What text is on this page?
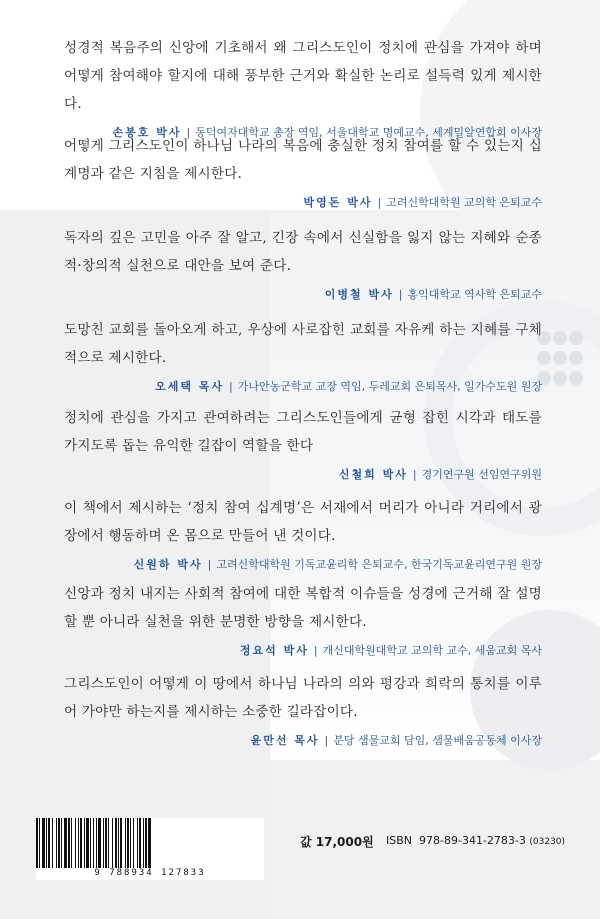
성경적 복음주의 신앙에 기초해서 왜 그리스도인이 정치에 관심을 가져야 하며 어떻게 참여해야 할지에 대해 풍부한 근거와 확실한 논리로 설득력 있게 제시한다.

손봉호 박사 | 동덕여자대학교 총장 역임, 서울대학교 명예교수, 세계밀알연합회 이사장

어떻게 그리스도인이 하나님 나라의 복음에 충실한 정치 참여를 할 수 있는지 십계명과 같은 지침을 제시한다.

박영돈 박사 | 고려신학대학원 교의학 은퇴교수

독자의 깊은 고민을 아주 잘 알고, 긴장 속에서 신실함을 잃지 않는 지혜와 순종적·창의적 실천으로 대안을 보여 준다.

이병철 박사 | 홍익대학교 역사학 은퇴교수

도망친 교회를 돌아오게 하고, 우상에 사로잡힌 교회를 자유케 하는 지혜를 구체적으로 제시한다.

오세택 목사 | 가나안농군학교 교장 역임, 두레교회 은퇴목사, 일가수도원 원장

정치에 관심을 가지고 관여하려는 그리스도인들에게 균형 잡힌 시각과 태도를 가지도록 돕는 유익한 길잡이 역할을 한다

신철희 박사 | 경기연구원 선임연구위원

이 책에서 제시하는 ‘정치 참여 십계명’은 서재에서 머리가 아니라 거리에서 광장에서 행동하며 온 몸으로 만들어 낸 것이다.

신원하 박사 | 고려신학대학원 기독교윤리학 은퇴교수, 한국기독교윤리연구원 원장

신앙과 정치 내지는 사회적 참여에 대한 복합적 이슈들을 성경에 근거해 잘 설명할 뿐 아니라 실천을 위한 분명한 방향을 제시한다.

정요석 박사 | 개신대학원대학교 교의학 교수, 세움교회 목사

그리스도인이 어떻게 이 땅에서 하나님 나라의 의와 평강과 희락의 통치를 이루어 가야만 하는지를 제시하는 소중한 길라잡이다.

윤만선 목사 | 분당 샘물교회 담임, 샘물배움공동체 이사장
9 788934 127833
값 17,000원 ISBN 978-89-341-2783-3 (03230)
